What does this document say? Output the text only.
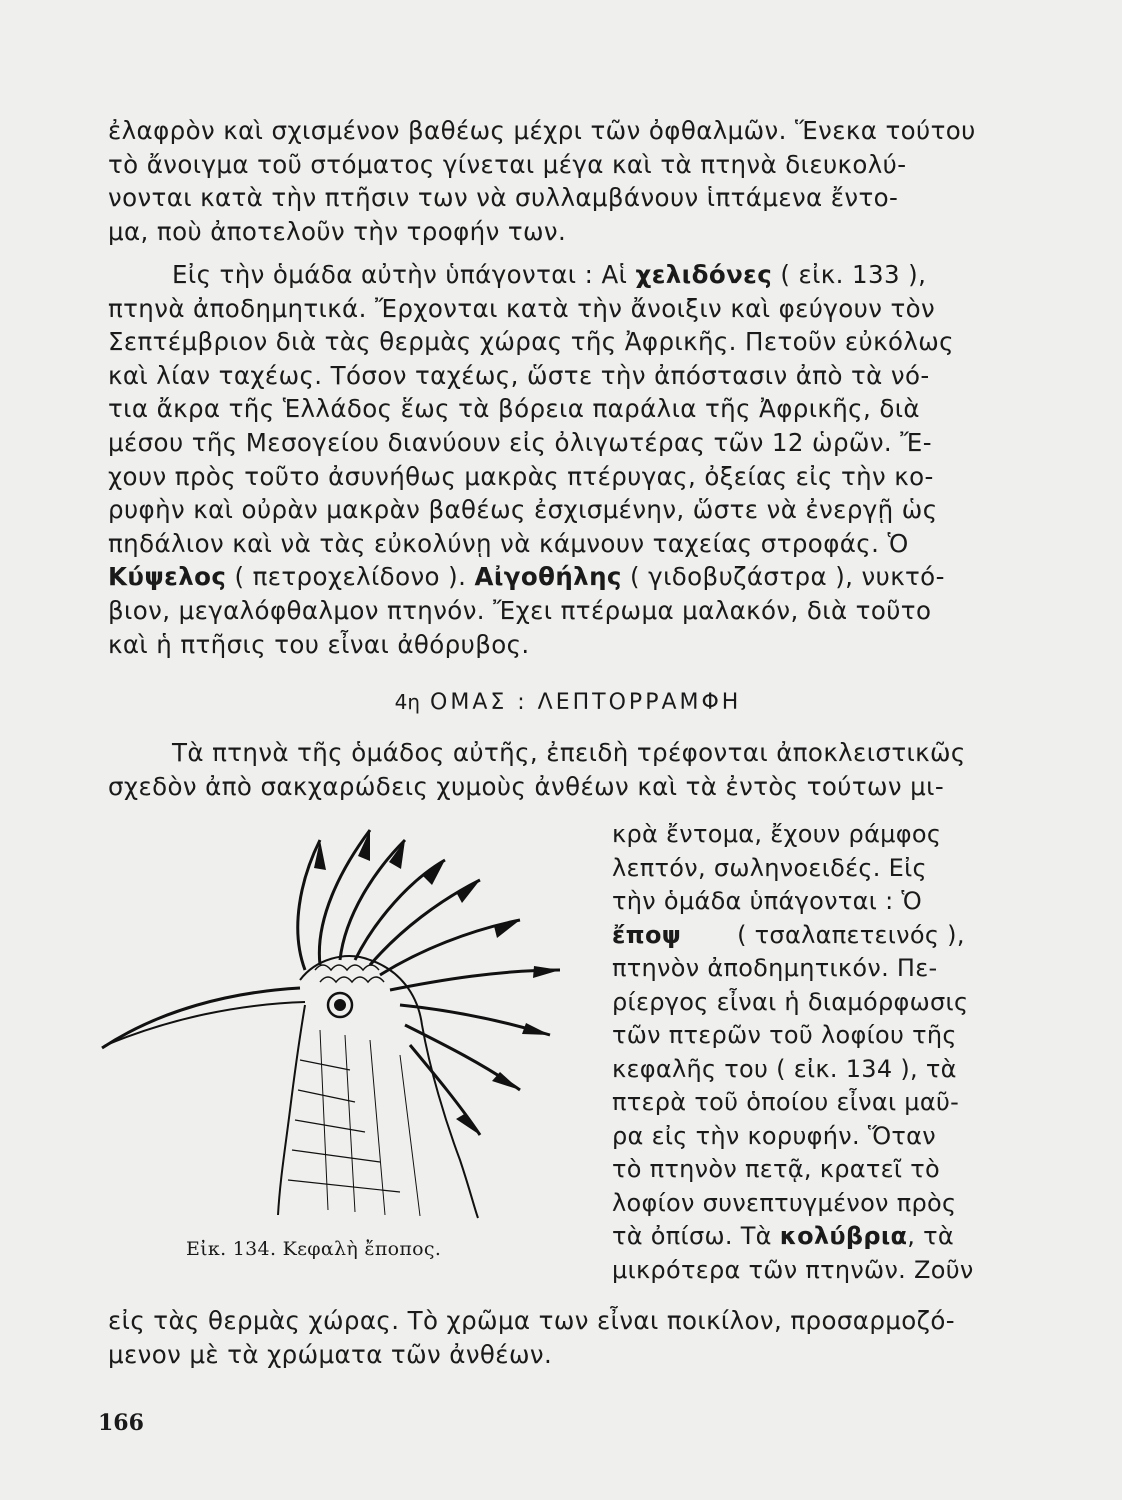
ἐλαφρὸν καὶ σχισμένον βαθέως μέχρι τῶν ὀφθαλμῶν. Ἕνεκα τούτου
τὸ ἄνοιγμα τοῦ στόματος γίνεται μέγα καὶ τὰ πτηνὰ διευκολύ-
νονται κατὰ τὴν πτῆσιν των νὰ συλλαμβάνουν ἱπτάμενα ἔντο-
μα, ποὺ ἀποτελοῦν τὴν τροφήν των.

Εἰς τὴν ὁμάδα αὐτὴν ὑπάγονται : Αἱ χελιδόνες ( εἰκ. 133 ),
πτηνὰ ἀποδημητικά. Ἔρχονται κατὰ τὴν ἄνοιξιν καὶ φεύγουν τὸν
Σεπτέμβριον διὰ τὰς θερμὰς χώρας τῆς Ἀφρικῆς. Πετοῦν εὐκόλως
καὶ λίαν ταχέως. Τόσον ταχέως, ὥστε τὴν ἀπόστασιν ἀπὸ τὰ νό-
τια ἄκρα τῆς Ἑλλάδος ἕως τὰ βόρεια παράλια τῆς Ἀφρικῆς, διὰ
μέσου τῆς Μεσογείου διανύουν εἰς ὀλιγωτέρας τῶν 12 ὡρῶν. Ἔ-
χουν πρὸς τοῦτο ἀσυνήθως μακρὰς πτέρυγας, ὀξείας εἰς τὴν κο-
ρυφὴν καὶ οὐρὰν μακρὰν βαθέως ἐσχισμένην, ὥστε νὰ ἐνεργῇ ὡς
πηδάλιον καὶ νὰ τὰς εὐκολύνῃ νὰ κάμνουν ταχείας στροφάς. Ὁ
Κύψελος ( πετροχελίδονο ). Αἰγοθήλης ( γιδοβυζάστρα ), νυκτό-
βιον, μεγαλόφθαλμον πτηνόν. Ἔχει πτέρωμα μαλακόν, διὰ τοῦτο
καὶ ἡ πτῆσις του εἶναι ἀθόρυβος.

4η ΟΜΑΣ : ΛΕΠΤΟΡΡΑΜΦΗ

Τὰ πτηνὰ τῆς ὁμάδος αὐτῆς, ἐπειδὴ τρέφονται ἀποκλειστικῶς
σχεδὸν ἀπὸ σακχαρώδεις χυμοὺς ἀνθέων καὶ τὰ ἐντὸς τούτων μι-

κρὰ ἔντομα, ἔχουν ράμφος
λεπτόν, σωληνοειδές. Εἰς
τὴν ὁμάδα ὑπάγονται : Ὁ
ἔποψ ( τσαλαπετεινός ),
πτηνὸν ἀποδημητικόν. Πε-
ρίεργος εἶναι ἡ διαμόρφωσις
τῶν πτερῶν τοῦ λοφίου τῆς
κεφαλῆς του ( εἰκ. 134 ), τὰ
πτερὰ τοῦ ὁποίου εἶναι μαῦ-
ρα εἰς τὴν κορυφήν. Ὅταν
τὸ πτηνὸν πετᾷ, κρατεῖ τὸ
λοφίον συνεπτυγμένον πρὸς
τὰ ὀπίσω. Τὰ κολύβρια, τὰ
μικρότερα τῶν πτηνῶν. Ζοῦν

Εἰκ. 134. Κεφαλὴ ἔποπος.

εἰς τὰς θερμὰς χώρας. Τὸ χρῶμα των εἶναι ποικίλον, προσαρμοζό-
μενον μὲ τὰ χρώματα τῶν ἀνθέων.

166
